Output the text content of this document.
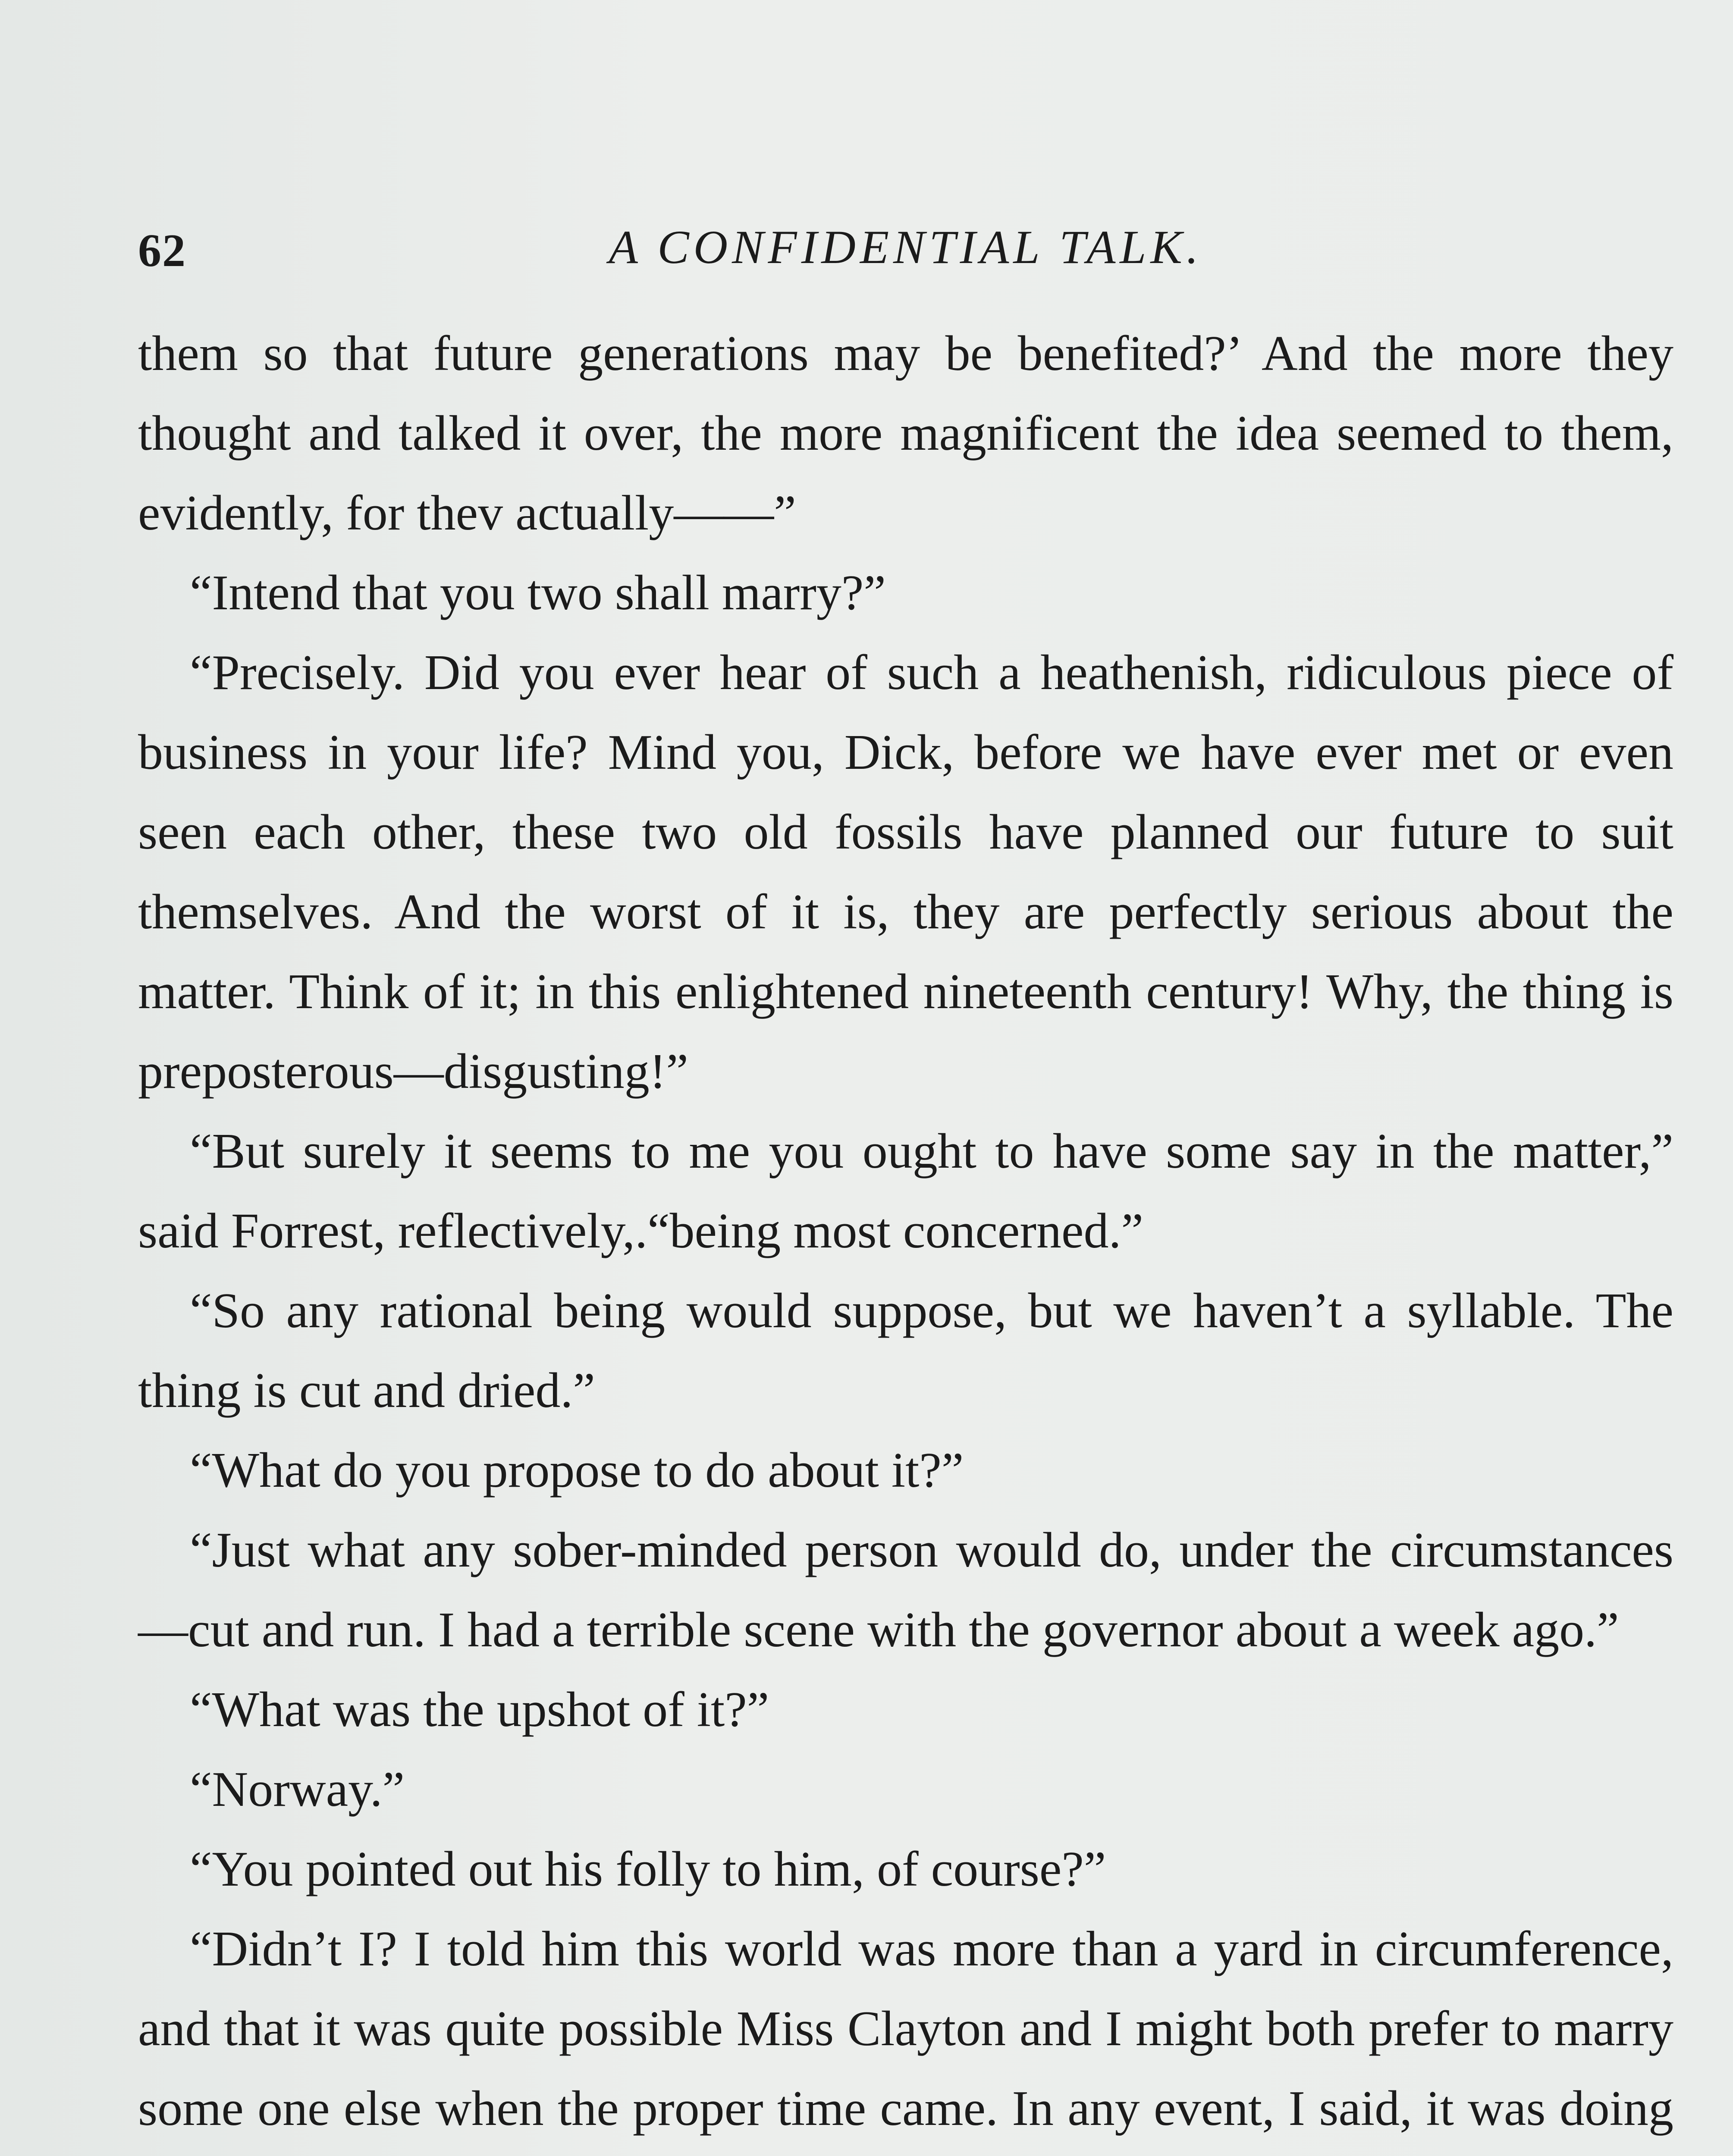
62	A CONFIDENTIAL TALK.

them so that future generations may be benefited?’ And the more they thought and talked it over, the more magnificent the idea seemed to them, evidently, for thev actually——”

“Intend that you two shall marry?”

“Precisely. Did you ever hear of such a heathenish, ridiculous piece of business in your life? Mind you, Dick, before we have ever met or even seen each other, these two old fossils have planned our future to suit themselves. And the worst of it is, they are perfectly serious about the matter. Think of it; in this enlightened nineteenth century! Why, the thing is preposterous—disgusting!”

“But surely it seems to me you ought to have some say in the matter,” said Forrest, reflectively,.“being most concerned.”

“So any rational being would suppose, but we haven’t a syllable. The thing is cut and dried.”

“What do you propose to do about it?”

“Just what any sober-minded person would do, under the circumstances—cut and run. I had a terrible scene with the governor about a week ago.”

“What was the upshot of it?”

“Norway.”

“You pointed out his folly to him, of course?”

“Didn’t I? I told him this world was more than a yard in circumference, and that it was quite possible Miss Clayton and I might both prefer to marry some one else when the proper time came. In any event, I said, it was doing
